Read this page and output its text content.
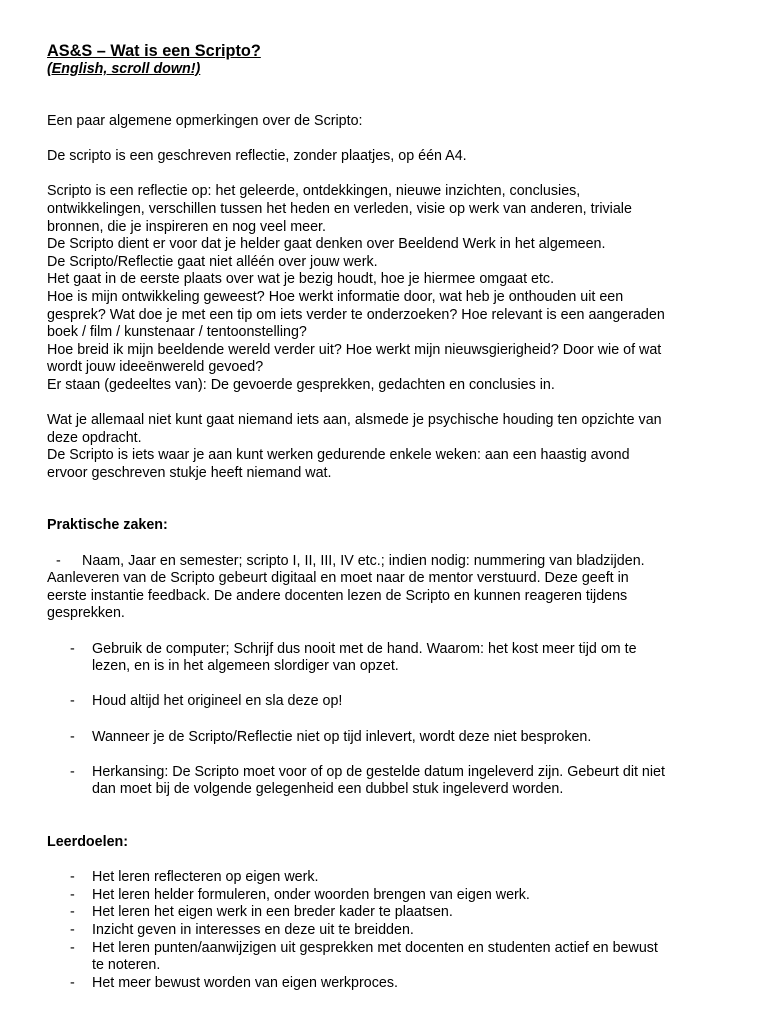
AS&S – Wat is een Scripto?

(English, scroll down!)

Een paar algemene opmerkingen over de Scripto:

De scripto is een geschreven reflectie, zonder plaatjes, op één A4.

Scripto is een reflectie op: het geleerde, ontdekkingen, nieuwe inzichten, conclusies,

ontwikkelingen, verschillen tussen het heden en verleden, visie op werk van anderen, triviale

bronnen, die je inspireren en nog veel meer.

De Scripto dient er voor dat je helder gaat denken over Beeldend Werk in het algemeen.

De Scripto/Reflectie gaat niet alléén over jouw werk.

Het gaat in de eerste plaats over wat je bezig houdt, hoe je hiermee omgaat etc.

Hoe is mijn ontwikkeling geweest? Hoe werkt informatie door, wat heb je onthouden uit een

gesprek? Wat doe je met een tip om iets verder te onderzoeken? Hoe relevant is een aangeraden

boek / film / kunstenaar / tentoonstelling?

Hoe breid ik mijn beeldende wereld verder uit? Hoe werkt mijn nieuwsgierigheid? Door wie of wat

wordt jouw ideeënwereld gevoed?

Er staan (gedeeltes van): De gevoerde gesprekken, gedachten en conclusies in.

Wat je allemaal niet kunt gaat niemand iets aan, alsmede je psychische houding ten opzichte van

deze opdracht.

De Scripto is iets waar je aan kunt werken gedurende enkele weken: aan een haastig avond

ervoor geschreven stukje heeft niemand wat.

Praktische zaken:

-	Naam, Jaar en semester; scripto I, II, III, IV etc.; indien nodig: nummering van bladzijden.

Aanleveren van de Scripto gebeurt digitaal en moet naar de mentor verstuurd. Deze geeft in

eerste instantie feedback. De andere docenten lezen de Scripto en kunnen reageren tijdens

gesprekken.

-	Gebruik de computer; Schrijf dus nooit met de hand. Waarom: het kost meer tijd om te

lezen, en is in het algemeen slordiger van opzet.

-	Houd altijd het origineel en sla deze op!

-	Wanneer je de Scripto/Reflectie niet op tijd inlevert, wordt deze niet besproken.

-	Herkansing: De Scripto moet voor of op de gestelde datum ingeleverd zijn. Gebeurt dit niet

dan moet bij de volgende gelegenheid een dubbel stuk ingeleverd worden.

Leerdoelen:

-	Het leren reflecteren op eigen werk.

-	Het leren helder formuleren, onder woorden brengen van eigen werk.

-	Het leren het eigen werk in een breder kader te plaatsen.

-	Inzicht geven in interesses en deze uit te breidden.

-	Het leren punten/aanwijzigen uit gesprekken met docenten en studenten actief en bewust

te noteren.

-	Het meer bewust worden van eigen werkproces.
